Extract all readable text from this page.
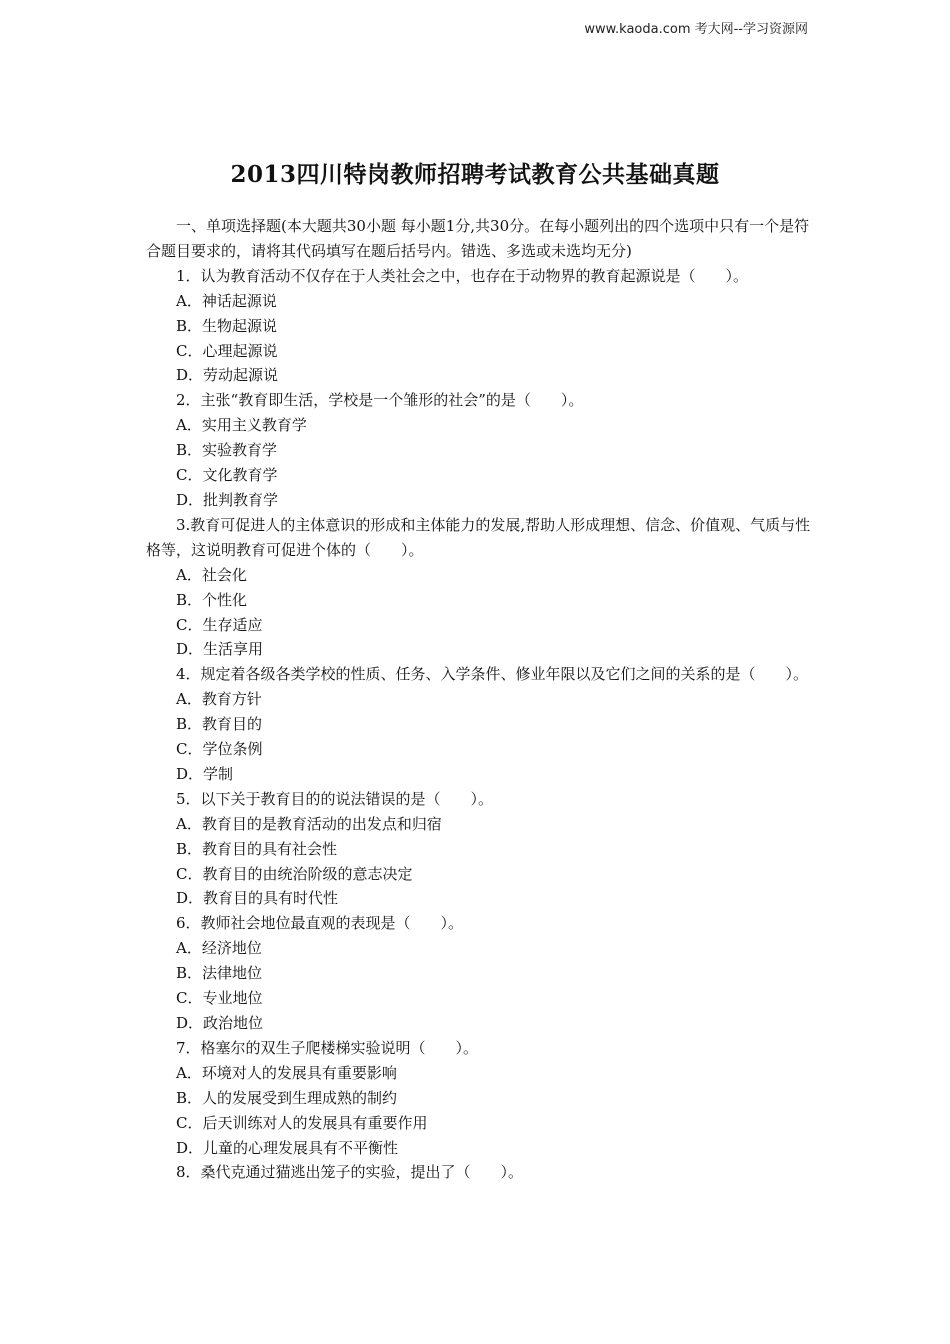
www.kaoda.com 考大网--学习资源网
2013四川特岗教师招聘考试教育公共基础真题

一、单项选择题(本大题共30小题 每小题1分,共30分。在每小题列出的四个选项中只有一个是符合题目要求的，请将其代码填写在题后括号内。错选、多选或未选均无分)

1．认为教育活动不仅存在于人类社会之中，也存在于动物界的教育起源说是（　　）。

A．神话起源说

B．生物起源说

C．心理起源说

D．劳动起源说

2．主张“教育即生活，学校是一个雏形的社会”的是（　　）。

A．实用主义教育学

B．实验教育学

C．文化教育学

D．批判教育学

3.教育可促进人的主体意识的形成和主体能力的发展,帮助人形成理想、信念、价值观、气质与性格等，这说明教育可促进个体的（　　）。

A．社会化

B．个性化

C．生存适应

D．生活享用

4．规定着各级各类学校的性质、任务、入学条件、修业年限以及它们之间的关系的是（　　）。

A．教育方针

B．教育目的

C．学位条例

D．学制

5．以下关于教育目的的说法错误的是（　　）。

A．教育目的是教育活动的出发点和归宿

B．教育目的具有社会性

C．教育目的由统治阶级的意志决定

D．教育目的具有时代性

6．教师社会地位最直观的表现是（　　）。

A．经济地位

B．法律地位

C．专业地位

D．政治地位

7．格塞尔的双生子爬楼梯实验说明（　　）。

A．环境对人的发展具有重要影响

B．人的发展受到生理成熟的制约

C．后天训练对人的发展具有重要作用

D．儿童的心理发展具有不平衡性

8．桑代克通过猫逃出笼子的实验，提出了（　　）。
